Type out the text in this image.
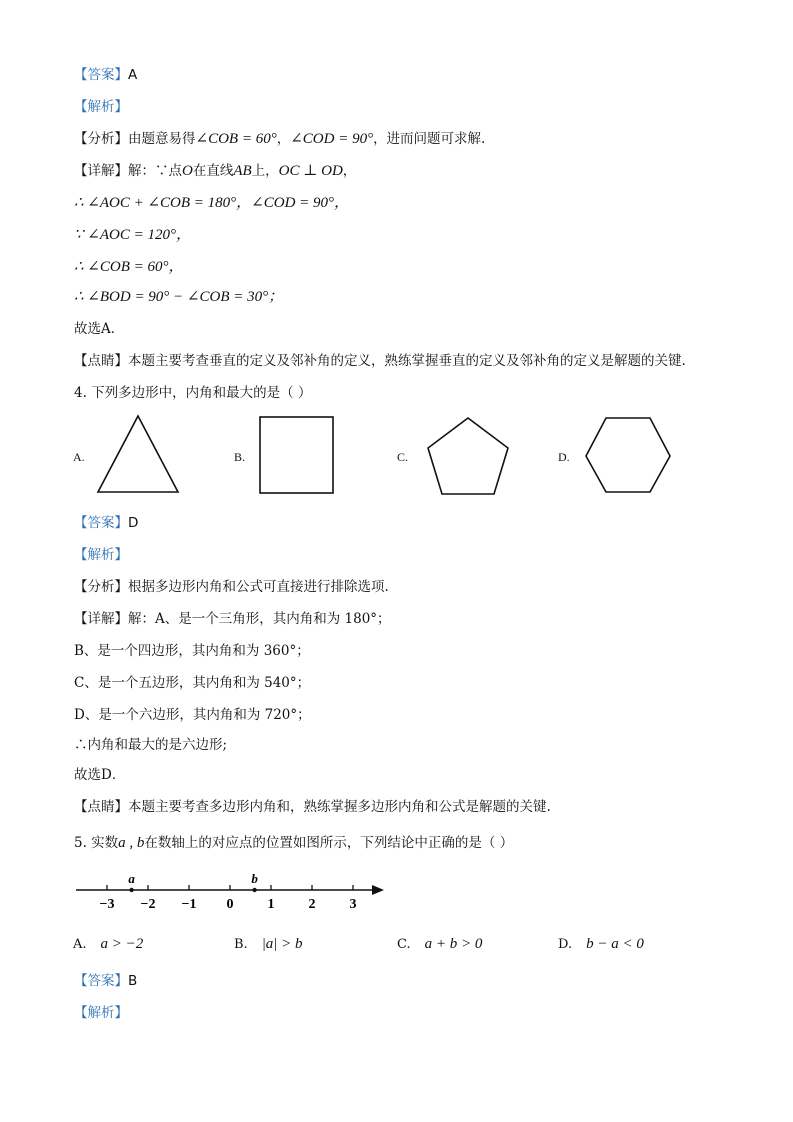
【答案】A
【解析】
【分析】由题意易得∠COB = 60°，∠COD = 90°，进而问题可求解.
【详解】解：∵点O在直线AB上，OC ⊥ OD，
∴ ∠AOC + ∠COB = 180°，∠COD = 90°，
∵ ∠AOC = 120°，
∴ ∠COB = 60°，
∴ ∠BOD = 90° − ∠COB = 30°；
故选A．
【点睛】本题主要考查垂直的定义及邻补角的定义，熟练掌握垂直的定义及邻补角的定义是解题的关键.
4. 下列多边形中，内角和最大的是（ ）
A.	B.	C.	D.
【答案】D
【解析】
【分析】根据多边形内角和公式可直接进行排除选项.
【详解】解：A、是一个三角形，其内角和为 180°；
B、是一个四边形，其内角和为 360°；
C、是一个五边形，其内角和为 540°；
D、是一个六边形，其内角和为 720°；
∴内角和最大的是六边形;
故选D．
【点睛】本题主要考查多边形内角和，熟练掌握多边形内角和公式是解题的关键.
5. 实数a , b在数轴上的对应点的位置如图所示，下列结论中正确的是（ ）
−3 −2 −1 0 1 2 3
a	b
A. a > −2	B. |a| > b	C. a + b > 0	D. b − a < 0
【答案】B
【解析】
